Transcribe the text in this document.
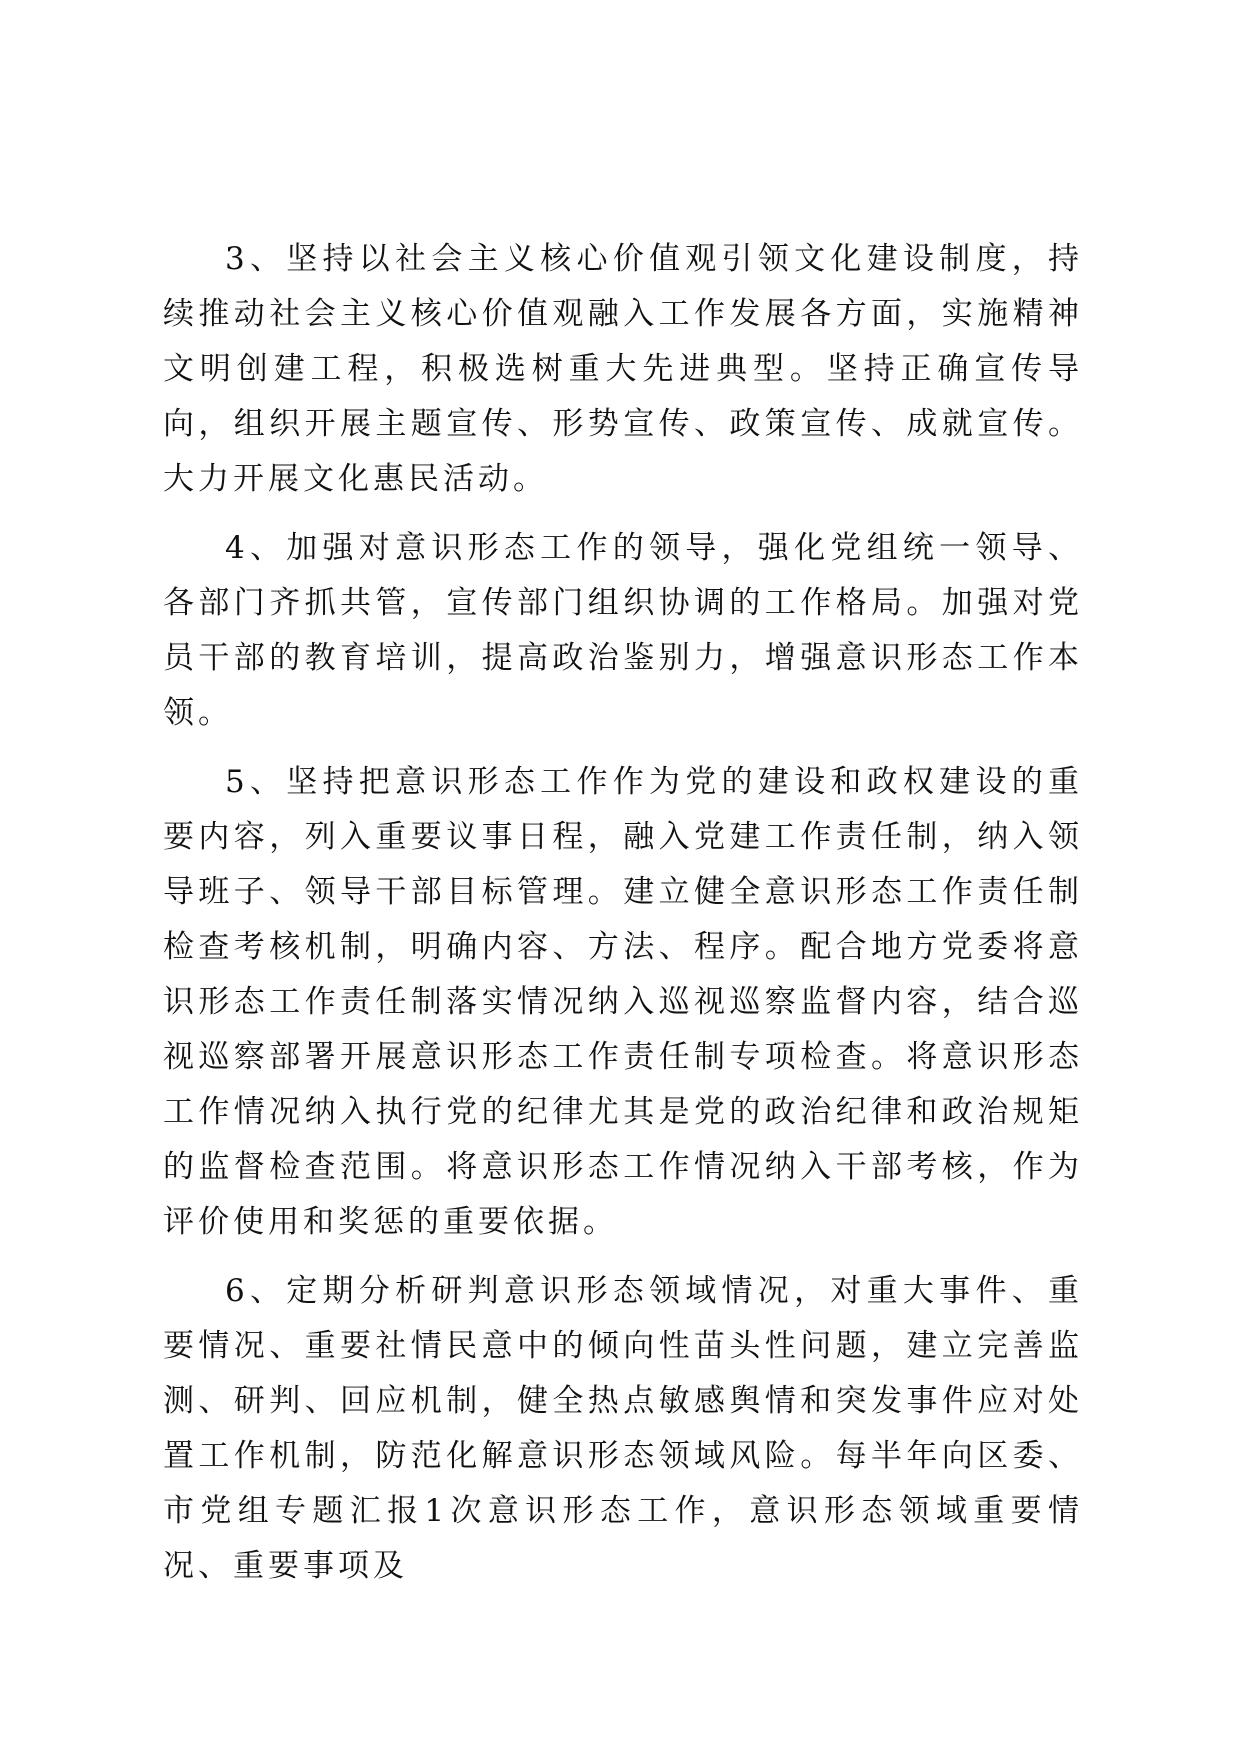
3、坚持以社会主义核心价值观引领文化建设制度，持续推动社会主义核心价值观融入工作发展各方面，实施精神文明创建工程，积极选树重大先进典型。坚持正确宣传导向，组织开展主题宣传、形势宣传、政策宣传、成就宣传。大力开展文化惠民活动。

4、加强对意识形态工作的领导，强化党组统一领导、各部门齐抓共管，宣传部门组织协调的工作格局。加强对党员干部的教育培训，提高政治鉴别力，增强意识形态工作本领。

5、坚持把意识形态工作作为党的建设和政权建设的重要内容，列入重要议事日程，融入党建工作责任制，纳入领导班子、领导干部目标管理。建立健全意识形态工作责任制检查考核机制，明确内容、方法、程序。配合地方党委将意识形态工作责任制落实情况纳入巡视巡察监督内容，结合巡视巡察部署开展意识形态工作责任制专项检查。将意识形态工作情况纳入执行党的纪律尤其是党的政治纪律和政治规矩的监督检查范围。将意识形态工作情况纳入干部考核，作为评价使用和奖惩的重要依据。

6、定期分析研判意识形态领域情况，对重大事件、重要情况、重要社情民意中的倾向性苗头性问题，建立完善监测、研判、回应机制，健全热点敏感舆情和突发事件应对处置工作机制，防范化解意识形态领域风险。每半年向区委、市党组专题汇报1次意识形态工作，意识形态领域重要情况、重要事项及
